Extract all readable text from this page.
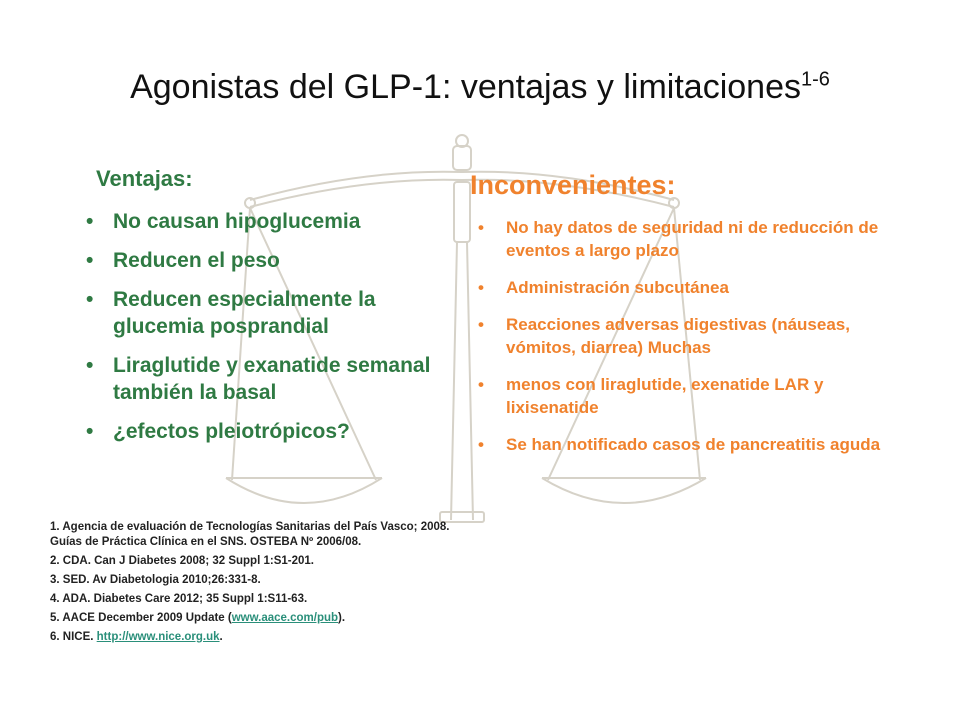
Agonistas del GLP-1: ventajas y limitaciones$^{1-6}$
Ventajas:
• No causan hipoglucemia
• Reducen el peso
• Reducen especialmente la glucemia posprandial
• Liraglutide y exanatide semanal también la basal
• ¿efectos pleiotrópicos?
Inconvenientes:
• No hay datos de seguridad ni de reducción de eventos a largo plazo
• Administración subcutánea
• Reacciones adversas digestivas (náuseas, vómitos, diarrea) Muchas
• menos con liraglutide, exenatide LAR y lixisenatide
• Se han notificado casos de pancreatitis aguda
1. Agencia de evaluación de Tecnologías Sanitarias del País Vasco; 2008. Guías de Práctica Clínica en el SNS. OSTEBA Nº 2006/08.
2. CDA. Can J Diabetes 2008; 32 Suppl 1:S1-201.
3. SED. Av Diabetologia 2010;26:331-8.
4. ADA. Diabetes Care 2012; 35 Suppl 1:S11-63.
5. AACE December 2009 Update (www.aace.com/pub).
6. NICE. http://www.nice.org.uk.
